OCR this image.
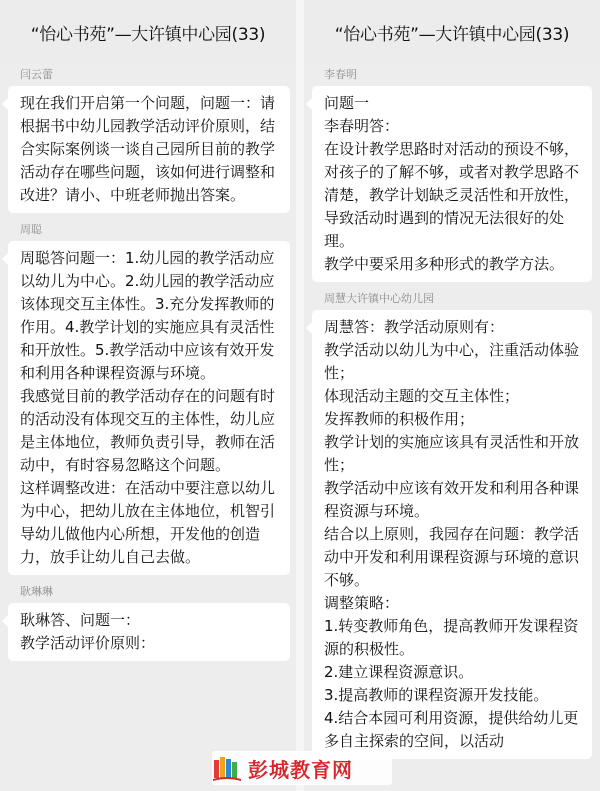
“怡心书苑”—大许镇中心园(33)
闫云蕾

现在我们开启第一个问题，问题一：请根据书中幼儿园教学活动评价原则，结合实际案例谈一谈自己园所目前的教学活动存在哪些问题，该如何进行调整和改进？请小、中班老师抛出答案。

周聪

周聪答问题一：1.幼儿园的教学活动应以幼儿为中心。2.幼儿园的教学活动应该体现交互主体性。3.充分发挥教师的作用。4.教学计划的实施应具有灵活性和开放性。5.教学活动中应该有效开发和利用各种课程资源与环境。

我感觉目前的教学活动存在的问题有时的活动没有体现交互的主体性，幼儿应是主体地位，教师负责引导，教师在活动中，有时容易忽略这个问题。

这样调整改进：在活动中要注意以幼儿为中心，把幼儿放在主体地位，机智引导幼儿做他内心所想，开发他的创造力，放手让幼儿自己去做。

耿琳琳

耿琳答、问题一：

教学活动评价原则：

“怡心书苑”—大许镇中心园(33)
李春明

问题一

李春明答：

在设计教学思路时对活动的预设不够，对孩子的了解不够，或者对教学思路不清楚，教学计划缺乏灵活性和开放性，导致活动时遇到的情况无法很好的处理。

教学中要采用多种形式的教学方法。

周慧大许镇中心幼儿园

周慧答：教学活动原则有：

教学活动以幼儿为中心，注重活动体验性；

体现活动主题的交互主体性；

发挥教师的积极作用；

教学计划的实施应该具有灵活性和开放性；

教学活动中应该有效开发和利用各种课程资源与环境。

结合以上原则，我园存在问题：教学活动中开发和利用课程资源与环境的意识不够。

调整策略：

1.转变教师角色，提高教师开发课程资源的积极性。

2.建立课程资源意识。

3.提高教师的课程资源开发技能。

4.结合本园可利用资源，提供给幼儿更多自主探索的空间，以活动

彭城教育网
